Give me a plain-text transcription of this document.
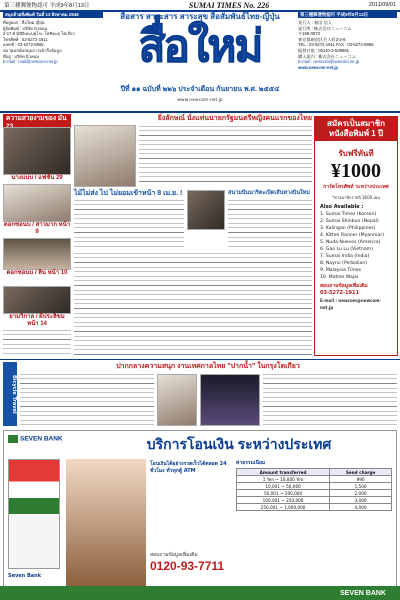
第三種郵便物認可 平成9年8月13日	SUMAI TIMES No. 226	2011/09/01
สนุกด้วยสิ่งพิมพ์ วันที่ 13 สิงหาคม 2546
ที่อยู่ออก : สื่อใหม่ ญี่ปุ่น
ผู้จัดพิมพ์ : บริษัท นิวคอม
2-17-8 นิชิอิเคะบุคุโระ โทชิมะคุ โตเกียว
โทรศัพท์ : 03-5272-1911
แฟกซ์ : 03-5272-8965
สมาคมสนับสนุนการเข้าถึงข้อมูล
ที่อยู่ : บริษัท นิวคอม
E-mail : mail@newcom-net.jp
สื่อสาร สาระสาร สาระสุข สื่อสัมพันธ์ไทย-ญี่ปุ่น
สื่อใหม่
ปีที่ ๑๑ ฉบับที่ ๒๒๖ ประจำเดือน กันยายน พ.ศ. ๒๕๕๔
www.newcom-net.jp
第三種郵便物認可 平成9年8月13日
発行人 : 春田 信人
発行所 : 株式会社ニューコム
〒169-0073
東京都新宿区百人町2-2-6
TEL : 03-5272-1911 FAX : 03-5272-8965
振替口座 : 00140-3-539881
購入案内 : 株式会社ニューコム
E-mail : newcom@newcom.ne.jp
www.newcom-net.jp
ความสวยงามของ มัน
นางแบบ / แฟชั่น 29
ดอกซอนบ / สาวมาก หน้า 9
ดอกซอนบ / ลิน หน้า 10
ยามวิกาล / ผีประลิขม หน้า 14
ยิ่งลักษณ์ นั่งแท่นนายกรัฐมนตรีหญิงคนแรกของไทย
ไม้ไม่ส่ง ไป ไม่ยอมเข้าหน้า 8 เม.ย. !	สนามบินนาริตะเปิดเส้นทางบินใหม่
สมัครเป็นสมาชิก หนังสือพิมพ์ 1 ปี
รับฟรีทันที
¥1000
การ์ดโทรศัพท์ ระหว่างประเทศ
*ค่าสมาชิกรายปี 3600 เยน
Also Available :
1. Sumai Times (Korean)
2. Sumai Shinbun (Nepal)
3. Kalingan (Philippines)
4. Kitten Ranner (Myanmar)
5. Nuda Nuevos (America)
6. Gao Lu Lu (Vietnam)
7. Sumai India (India)
8. Nayrvi (Perbalian)
9. Malaysia Times
10. Matres Wajai
สอบถามข้อมูลเพิ่มเติม
03-5272-1911
E-mail : newcom@newcom-net.jp
Bicycle Travel
ปากกลางความสนุก งานเทศกาลไทย "ปากน้ำ" ในกรุงโตเกียว
SEVEN BANK	บริการโอนเงิน ระหว่างประเทศ
โอนเงินได้อย่างรวดเร็วได้ตลอด 24 ชั่วโมง ทั่วทุกตู้ ATM
ค่าธรรมเนียม
Amount transferred	Send charge
1 Yen ~ 10,000 Yen	990
10,001 ~ 50,000	1,500
50,001 ~ 100,000	2,000
100,001 ~ 250,000	3,000
250,001 ~ 1,000,000	4,000
สอบถามข้อมูลเพิ่มเติม
0120-93-7711
Seven Bank
SEVEN BANK
